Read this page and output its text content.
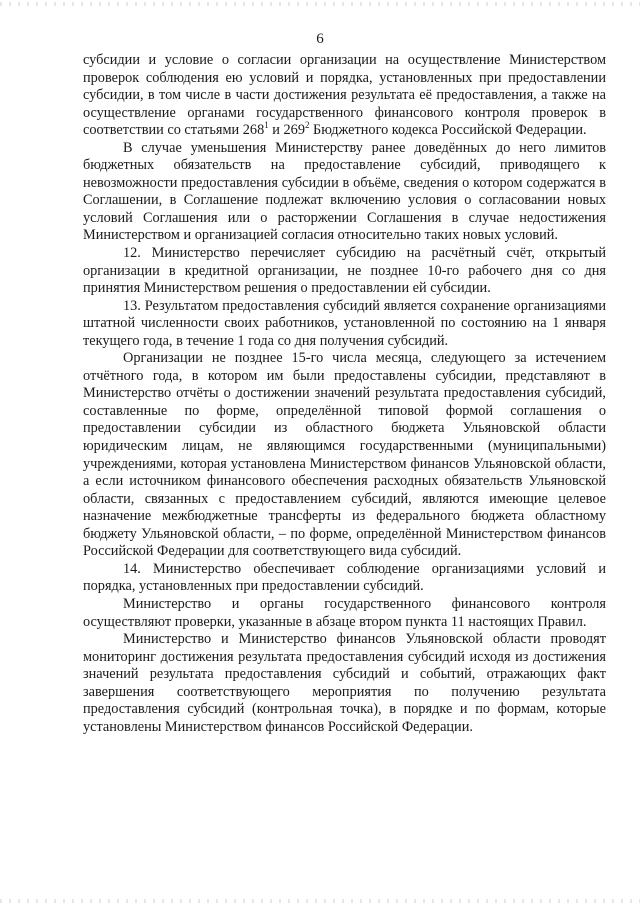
6

субсидии и условие о согласии организации на осуществление Министерством проверок соблюдения ею условий и порядка, установленных при предоставлении субсидии, в том числе в части достижения результата её предоставления, а также на осуществление органами государственного финансового контроля проверок в соответствии со статьями $268^1$ и $269^2$ Бюджетного кодекса Российской Федерации.

В случае уменьшения Министерству ранее доведённых до него лимитов бюджетных обязательств на предоставление субсидий, приводящего к невозможности предоставления субсидии в объёме, сведения о котором содержатся в Соглашении, в Соглашение подлежат включению условия о согласовании новых условий Соглашения или о расторжении Соглашения в случае недостижения Министерством и организацией согласия относительно таких новых условий.

12. Министерство перечисляет субсидию на расчётный счёт, открытый организации в кредитной организации, не позднее 10-го рабочего дня со дня принятия Министерством решения о предоставлении ей субсидии.

13. Результатом предоставления субсидий является сохранение организациями штатной численности своих работников, установленной по состоянию на 1 января текущего года, в течение 1 года со дня получения субсидий.

Организации не позднее 15-го числа месяца, следующего за истечением отчётного года, в котором им были предоставлены субсидии, представляют в Министерство отчёты о достижении значений результата предоставления субсидий, составленные по форме, определённой типовой формой соглашения о предоставлении субсидии из областного бюджета Ульяновской области юридическим лицам, не являющимся государственными (муниципальными) учреждениями, которая установлена Министерством финансов Ульяновской области, а если источником финансового обеспечения расходных обязательств Ульяновской области, связанных с предоставлением субсидий, являются имеющие целевое назначение межбюджетные трансферты из федерального бюджета областному бюджету Ульяновской области, – по форме, определённой Министерством финансов Российской Федерации для соответствующего вида субсидий.

14. Министерство обеспечивает соблюдение организациями условий и порядка, установленных при предоставлении субсидий.

Министерство и органы государственного финансового контроля осуществляют проверки, указанные в абзаце втором пункта 11 настоящих Правил.

Министерство и Министерство финансов Ульяновской области проводят мониторинг достижения результата предоставления субсидий исходя из достижения значений результата предоставления субсидий и событий, отражающих факт завершения соответствующего мероприятия по получению результата предоставления субсидий (контрольная точка), в порядке и по формам, которые установлены Министерством финансов Российской Федерации.
